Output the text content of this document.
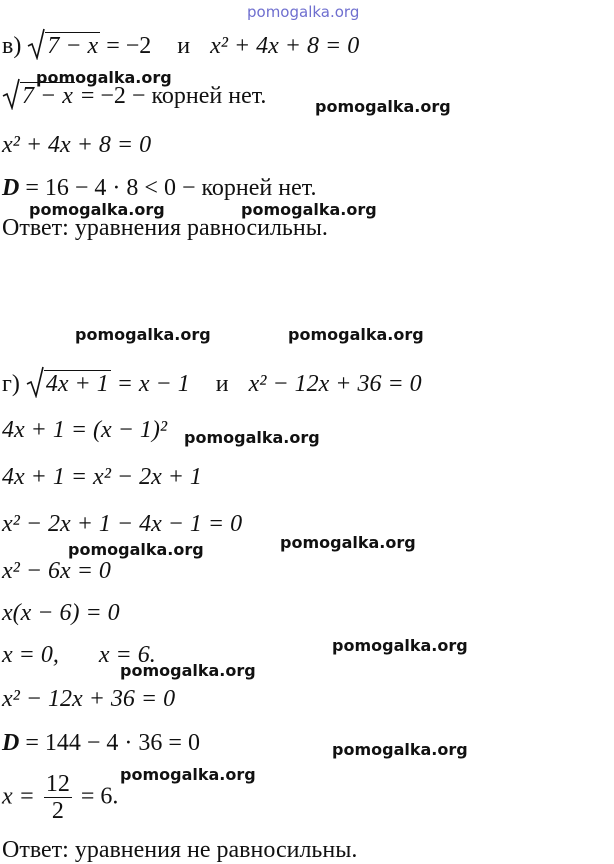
pomogalka.org
в) 7 − x = −2 и x² + 4x + 8 = 0
7 − x = −2 − корней нет.
x² + 4x + 8 = 0
D = 16 − 4 · 8 < 0 − корней нет.
Ответ: уравнения равносильны.
г) 4x + 1 = x − 1 и x² − 12x + 36 = 0
4x + 1 = (x − 1)²
4x + 1 = x² − 2x + 1
x² − 2x + 1 − 4x − 1 = 0
x² − 6x = 0
x(x − 6) = 0
x = 0, x = 6.
x² − 12x + 36 = 0
D = 144 − 4 · 36 = 0
$x = \frac{12}{2} = 6$.
Ответ: уравнения не равносильны.
pomogalka.org
pomogalka.org
pomogalka.org	pomogalka.org
pomogalka.org	pomogalka.org
pomogalka.org
pomogalka.org
pomogalka.org
pomogalka.org
pomogalka.org
pomogalka.org
pomogalka.org
